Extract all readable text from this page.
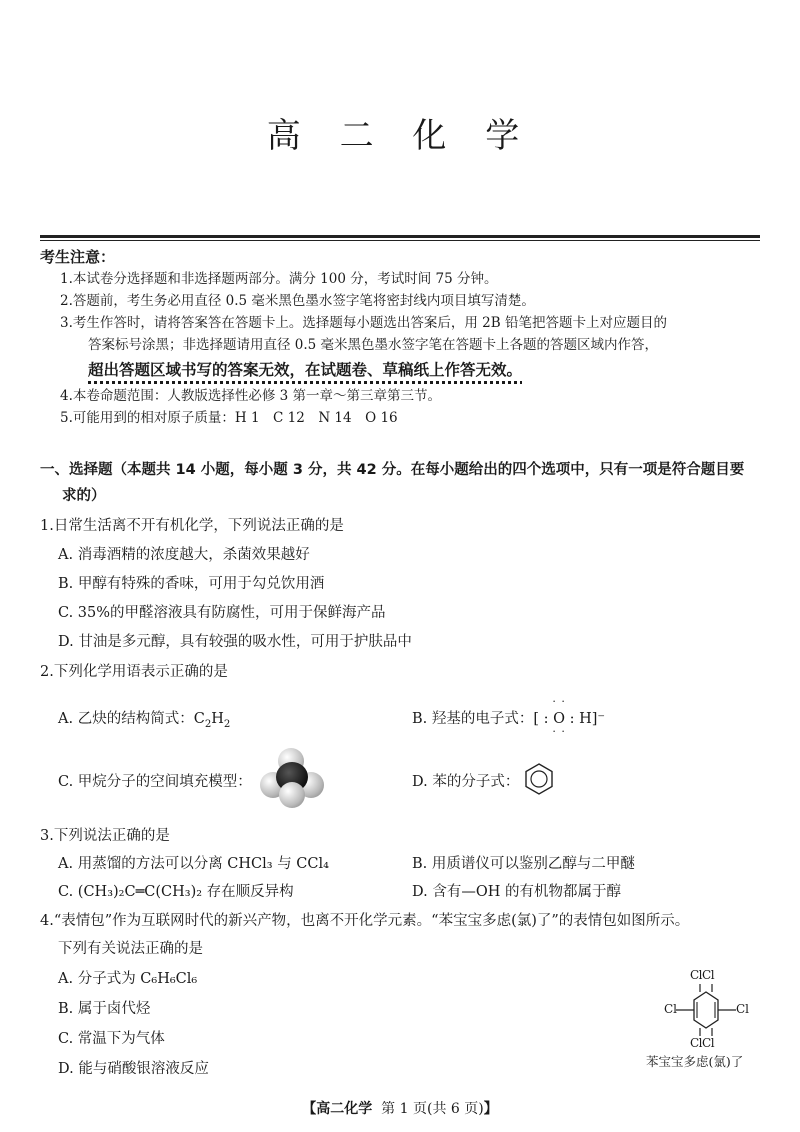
高 二 化 学
考生注意：
1.本试卷分选择题和非选择题两部分。满分 100 分，考试时间 75 分钟。
2.答题前，考生务必用直径 0.5 毫米黑色墨水签字笔将密封线内项目填写清楚。
3.考生作答时，请将答案答在答题卡上。选择题每小题选出答案后，用 2B 铅笔把答题卡上对应题目的
答案标号涂黑；非选择题请用直径 0.5 毫米黑色墨水签字笔在答题卡上各题的答题区域内作答，
超出答题区域书写的答案无效，在试题卷、草稿纸上作答无效。
4.本卷命题范围：人教版选择性必修 3 第一章～第三章第三节。
5.可能用到的相对原子质量：H 1　C 12　N 14　O 16
一、选择题（本题共 14 小题，每小题 3 分，共 42 分。在每小题给出的四个选项中，只有一项是符合题目要
求的）
1.日常生活离不开有机化学，下列说法正确的是
A. 消毒酒精的浓度越大，杀菌效果越好
B. 甲醇有特殊的香味，可用于勾兑饮用酒
C. 35%的甲醛溶液具有防腐性，可用于保鲜海产品
D. 甘油是多元醇，具有较强的吸水性，可用于护肤品中
2.下列化学用语表示正确的是
A. 乙炔的结构简式：$C_2H_2$	B. 羟基的电子式：
· ·
[ : O : H]⁻
· ·
C. 甲烷分子的空间填充模型：	D. 苯的分子式：
3.下列说法正确的是
A. 用蒸馏的方法可以分离 CHCl₃ 与 CCl₄	B. 用质谱仪可以鉴别乙醇与二甲醚
C. (CH₃)₂C═C(CH₃)₂ 存在顺反异构	D. 含有—OH 的有机物都属于醇
4.“表情包”作为互联网时代的新兴产物，也离不开化学元素。“苯宝宝多虑(氯)了”的表情包如图所示。
下列有关说法正确的是
A. 分子式为 C₆H₆Cl₆
B. 属于卤代烃
C. 常温下为气体
D. 能与硝酸银溶液反应
ClCl
Cl	Cl
ClCl
苯宝宝多虑(氯)了
【高二化学 第 1 页(共 6 页)】
